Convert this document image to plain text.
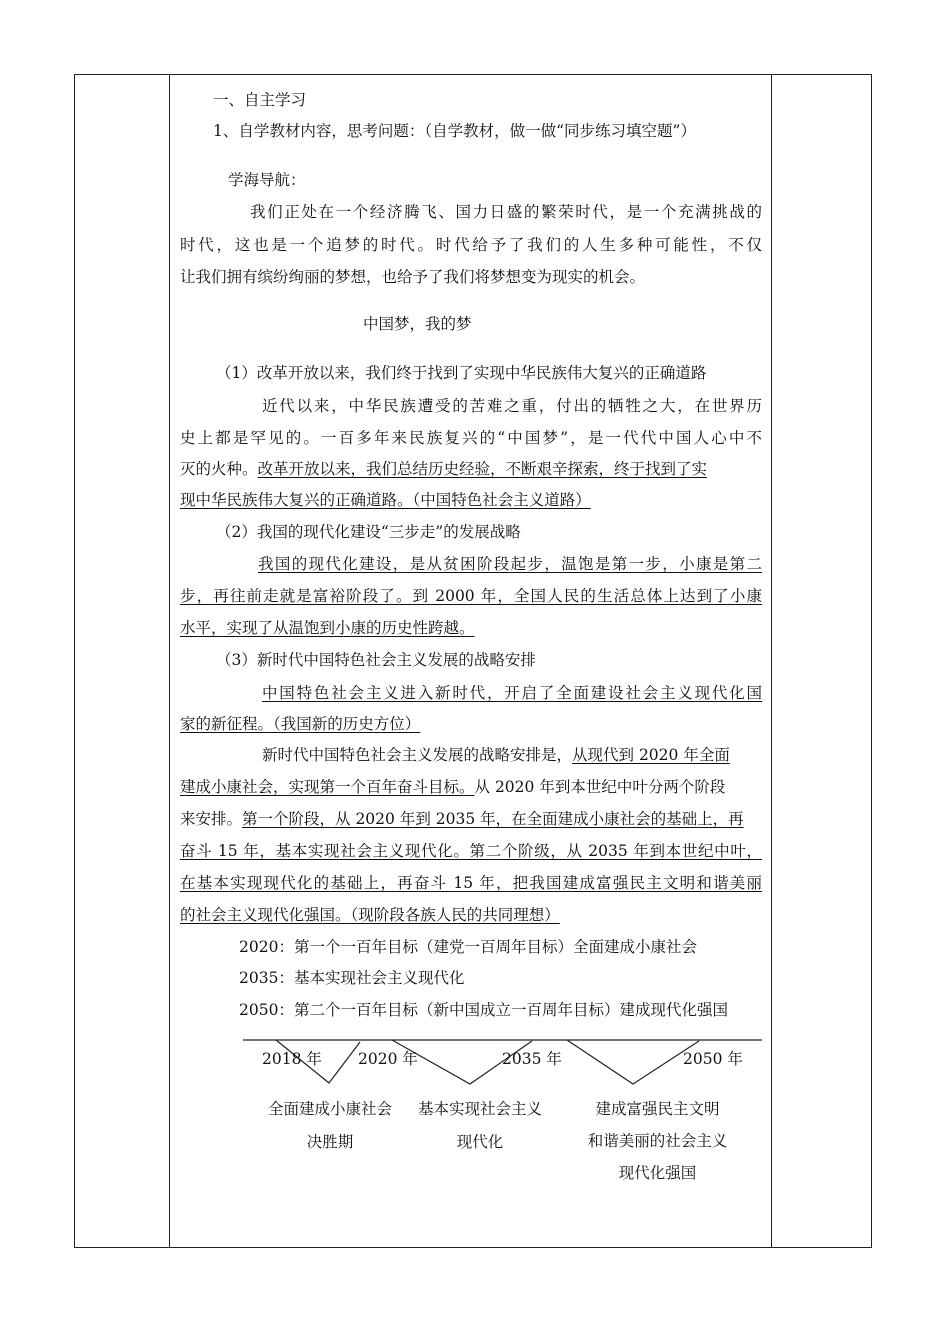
一、自主学习
1、自学教材内容，思考问题：（自学教材，做一做“同步练习填空题”）
学海导航：
我们正处在一个经济腾飞、国力日盛的繁荣时代，是一个充满挑战的
时代，这也是一个追梦的时代。时代给予了我们的人生多种可能性，不仅
让我们拥有缤纷绚丽的梦想，也给予了我们将梦想变为现实的机会。
中国梦，我的梦
（1）改革开放以来，我们终于找到了实现中华民族伟大复兴的正确道路
近代以来，中华民族遭受的苦难之重，付出的牺牲之大，在世界历
史上都是罕见的。一百多年来民族复兴的“中国梦”，是一代代中国人心中不
灭的火种。改革开放以来，我们总结历史经验，不断艰辛探索，终于找到了实
现中华民族伟大复兴的正确道路。（中国特色社会主义道路）
（2）我国的现代化建设“三步走”的发展战略
我国的现代化建设，是从贫困阶段起步，温饱是第一步，小康是第二
步，再往前走就是富裕阶段了。到 2000 年，全国人民的生活总体上达到了小康
水平，实现了从温饱到小康的历史性跨越。
（3）新时代中国特色社会主义发展的战略安排
中国特色社会主义进入新时代，开启了全面建设社会主义现代化国
家的新征程。（我国新的历史方位）
新时代中国特色社会主义发展的战略安排是，从现代到 2020 年全面
建成小康社会，实现第一个百年奋斗目标。从 2020 年到本世纪中叶分两个阶段
来安排。第一个阶段，从 2020 年到 2035 年，在全面建成小康社会的基础上，再
奋斗 15 年，基本实现社会主义现代化。第二个阶级，从 2035 年到本世纪中叶，
在基本实现现代化的基础上，再奋斗 15 年，把我国建成富强民主文明和谐美丽
的社会主义现代化强国。（现阶段各族人民的共同理想）
2020：第一个一百年目标（建党一百周年目标）全面建成小康社会
2035：基本实现社会主义现代化
2050：第二个一百年目标（新中国成立一百周年目标）建成现代化强国
2018 年 2020 年	2035 年	2050 年
全面建成小康社会
决胜期
基本实现社会主义
现代化
建成富强民主文明
和谐美丽的社会主义
现代化强国
